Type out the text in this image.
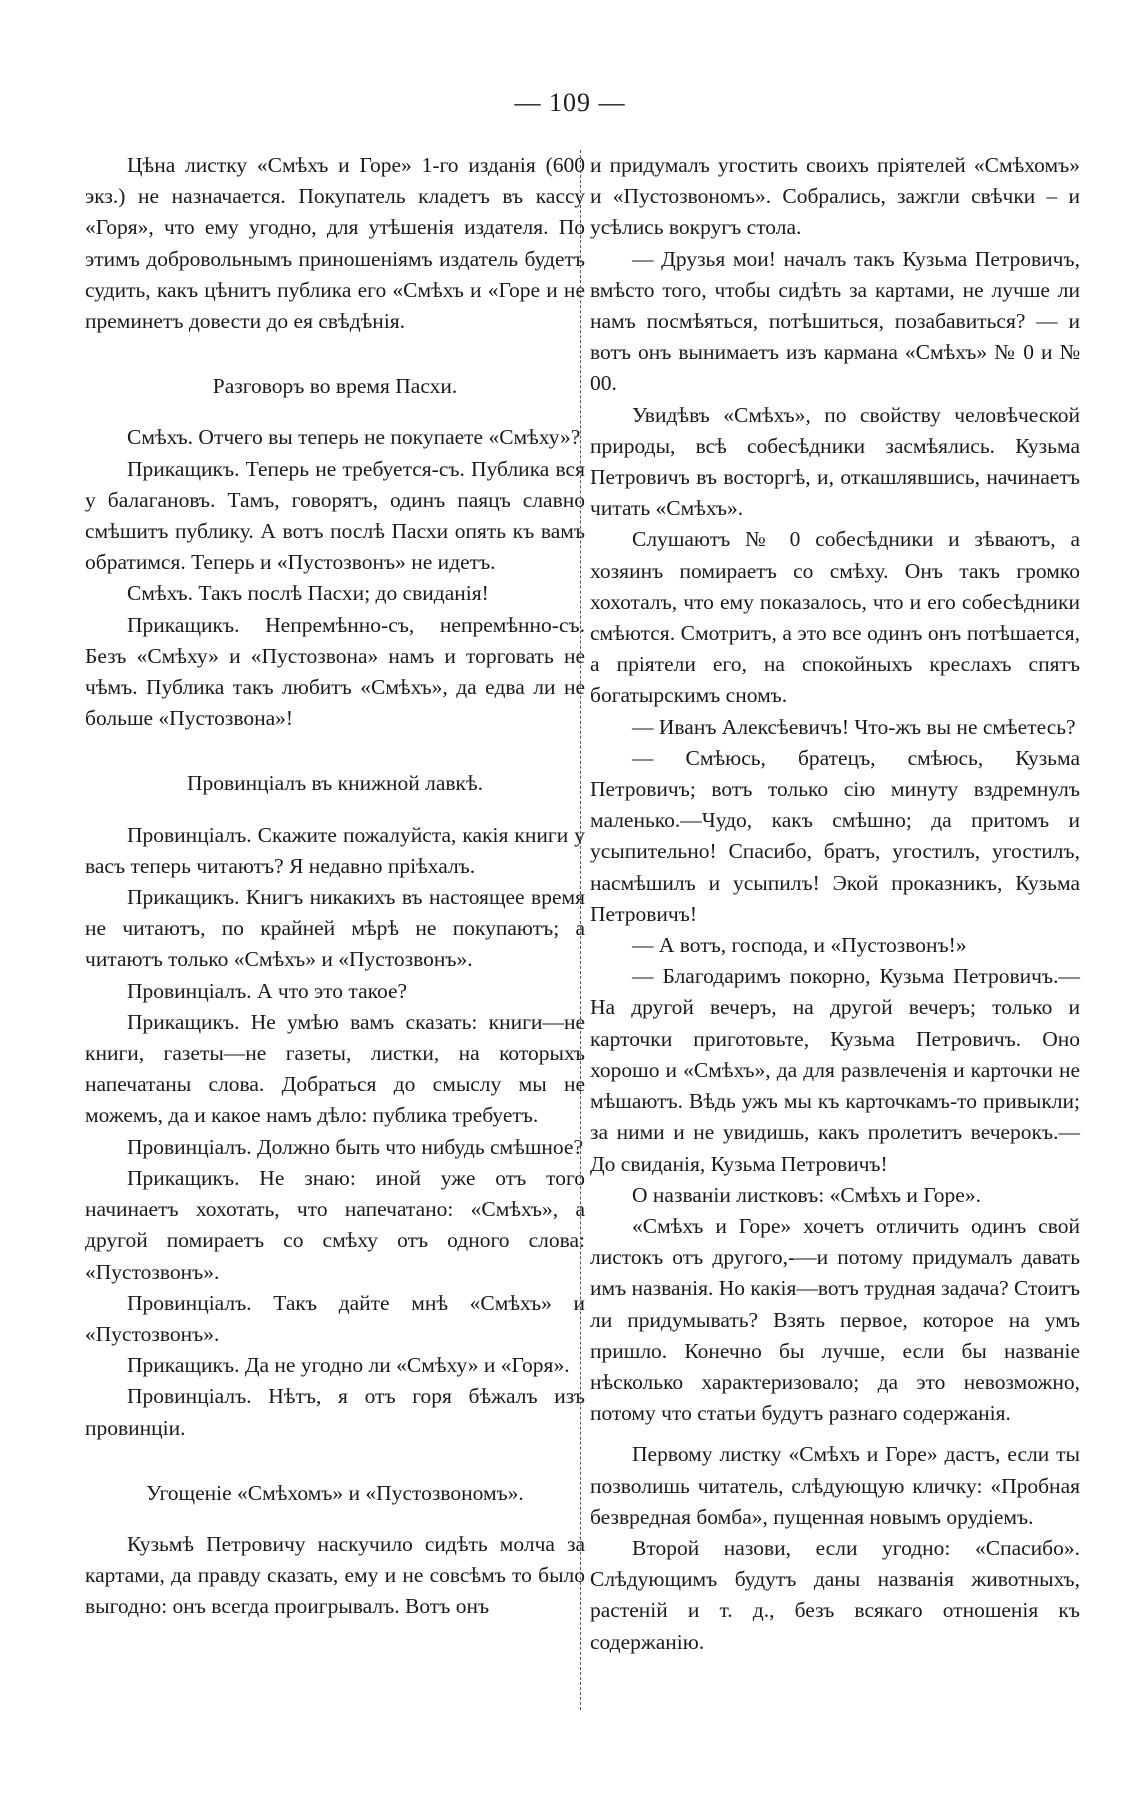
— 109 —

Цѣна листку «Смѣхъ и Горе» 1-го изданія (600 экз.) не назначается. Покупатель кладетъ въ кассу «Горя», что ему угодно, для утѣшенія издателя. По этимъ добровольнымъ приношеніямъ издатель будетъ судить, какъ цѣнитъ публика его «Смѣхъ и «Горе и не преминетъ довести до ея свѣдѣнія.

Разговоръ во время Пасхи.

Смѣхъ. Отчего вы теперь не покупаете «Смѣху»?

Прикащикъ. Теперь не требуется-съ. Публика вся у балагановъ. Тамъ, говорятъ, одинъ паяцъ славно смѣшитъ публику. А вотъ послѣ Пасхи опять къ вамъ обратимся. Теперь и «Пустозвонъ» не идетъ.

Смѣхъ. Такъ послѣ Пасхи; до свиданія!

Прикащикъ. Непремѣнно-съ, непремѣнно-съ. Безъ «Смѣху» и «Пустозвона» намъ и торговать не чѣмъ. Публика такъ любитъ «Смѣхъ», да едва ли не больше «Пустозвона»!

Провинціалъ въ книжной лавкѣ.

Провинціалъ. Скажите пожалуйста, какія книги у васъ теперь читаютъ? Я недавно пріѣхалъ.

Прикащикъ. Книгъ никакихъ въ настоящее время не читаютъ, по крайней мѣрѣ не покупаютъ; а читаютъ только «Смѣхъ» и «Пустозвонъ».

Провинціалъ. А что это такое?

Прикащикъ. Не умѣю вамъ сказать: книги—не книги, газеты—не газеты, листки, на которыхъ напечатаны слова. Добраться до смыслу мы не можемъ, да и какое намъ дѣло: публика требуетъ.

Провинціалъ. Должно быть что нибудь смѣшное?

Прикащикъ. Не знаю: иной уже отъ того начинаетъ хохотать, что напечатано: «Смѣхъ», а другой помираетъ со смѣху отъ одного слова: «Пустозвонъ».

Провинціалъ. Такъ дайте мнѣ «Смѣхъ» и «Пустозвонъ».

Прикащикъ. Да не угодно ли «Смѣху» и «Горя».

Провинціалъ. Нѣтъ, я отъ горя бѣжалъ изъ провинціи.

Угощеніе «Смѣхомъ» и «Пустозвономъ».

Кузьмѣ Петровичу наскучило сидѣть молча за картами, да правду сказать, ему и не совсѣмъ то было выгодно: онъ всегда проигрывалъ. Вотъ онъ

и придумалъ угостить своихъ пріятелей «Смѣхомъ» и «Пустозвономъ». Собрались, зажгли свѣчки – и усѣлись вокругъ стола.

— Друзья мои! началъ такъ Кузьма Петровичъ, вмѣсто того, чтобы сидѣть за картами, не лучше ли намъ посмѣяться, потѣшиться, позабавиться? — и вотъ онъ вынимаетъ изъ кармана «Смѣхъ» № 0 и № 00.

Увидѣвъ «Смѣхъ», по свойству человѣческой природы, всѣ собесѣдники засмѣялись. Кузьма Петровичъ въ восторгѣ, и, откашлявшись, начинаетъ читать «Смѣхъ».

Слушаютъ № 0 собесѣдники и зѣваютъ, а хозяинъ помираетъ со смѣху. Онъ такъ громко хохоталъ, что ему показалось, что и его собесѣдники смѣются. Смотритъ, а это все одинъ онъ потѣшается, а пріятели его, на спокойныхъ креслахъ спятъ богатырскимъ сномъ.

— Иванъ Алексѣевичъ! Что-жъ вы не смѣетесь?

— Смѣюсь, братецъ, смѣюсь, Кузьма Петровичъ; вотъ только сію минуту вздремнулъ маленько.—Чудо, какъ смѣшно; да притомъ и усыпительно! Спасибо, братъ, угостилъ, угостилъ, насмѣшилъ и усыпилъ! Экой проказникъ, Кузьма Петровичъ!

— А вотъ, господа, и «Пустозвонъ!»

— Благодаримъ покорно, Кузьма Петровичъ.— На другой вечеръ, на другой вечеръ; только и карточки приготовьте, Кузьма Петровичъ. Оно хорошо и «Смѣхъ», да для развлеченія и карточки не мѣшаютъ. Вѣдь ужъ мы къ карточкамъ-то привыкли; за ними и не увидишь, какъ пролетитъ вечерокъ.—До свиданія, Кузьма Петровичъ!

О названіи листковъ: «Смѣхъ и Горе».

«Смѣхъ и Горе» хочетъ отличить одинъ свой листокъ отъ другого,-—и потому придумалъ давать имъ названія. Но какія—вотъ трудная задача? Стоитъ ли придумывать? Взять первое, которое на умъ пришло. Конечно бы лучше, если бы названіе нѣсколько характеризовало; да это невозможно, потому что статьи будутъ разнаго содержанія.

Первому листку «Смѣхъ и Горе» дастъ, если ты позволишь читатель, слѣдующую кличку: «Пробная безвредная бомба», пущенная новымъ орудіемъ.

Второй назови, если угодно: «Спасибо». Слѣдующимъ будутъ даны названія животныхъ, растеній и т. д., безъ всякаго отношенія къ содержанію.
